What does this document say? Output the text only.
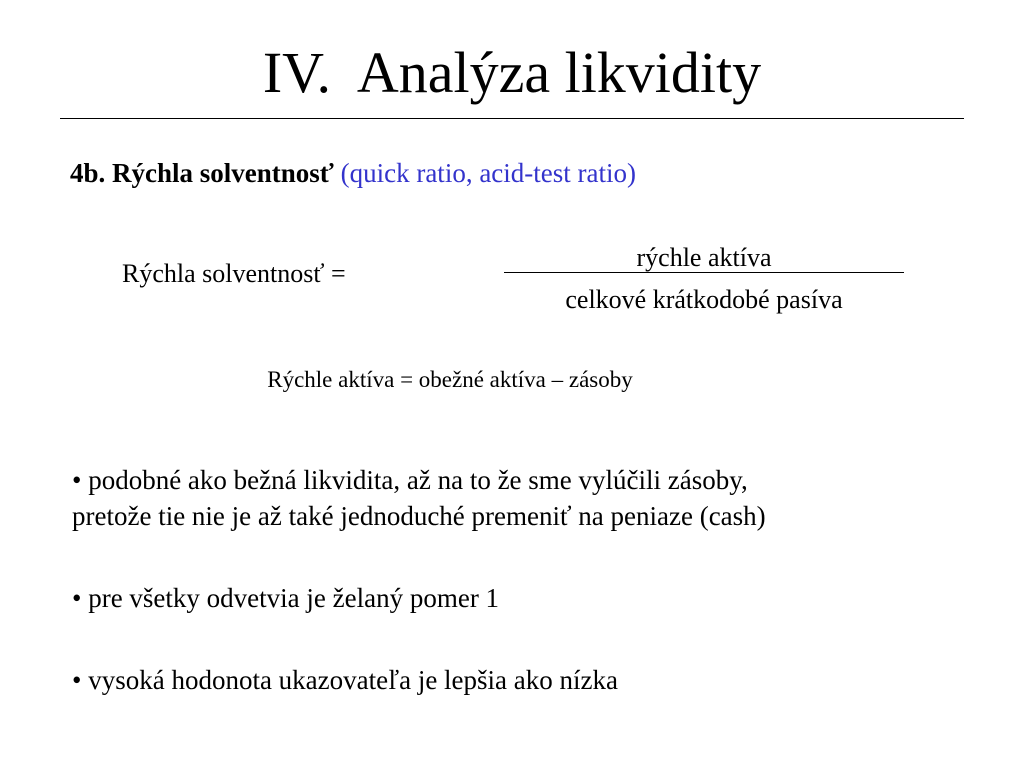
IV.  Analýza likvidity
4b. Rýchla solventnosť (quick ratio, acid-test ratio)
Rýchla solventnosť =
rýchle aktíva
celkové krátkodobé pasíva
Rýchle aktíva = obežné aktíva – zásoby
• podobné ako bežná likvidita, až na to že sme vylúčili zásoby,
pretože tie nie je až také jednoduché premeniť na peniaze (cash)
• pre všetky odvetvia je želaný pomer 1
• vysoká hodonota ukazovateľa je lepšia ako nízka
